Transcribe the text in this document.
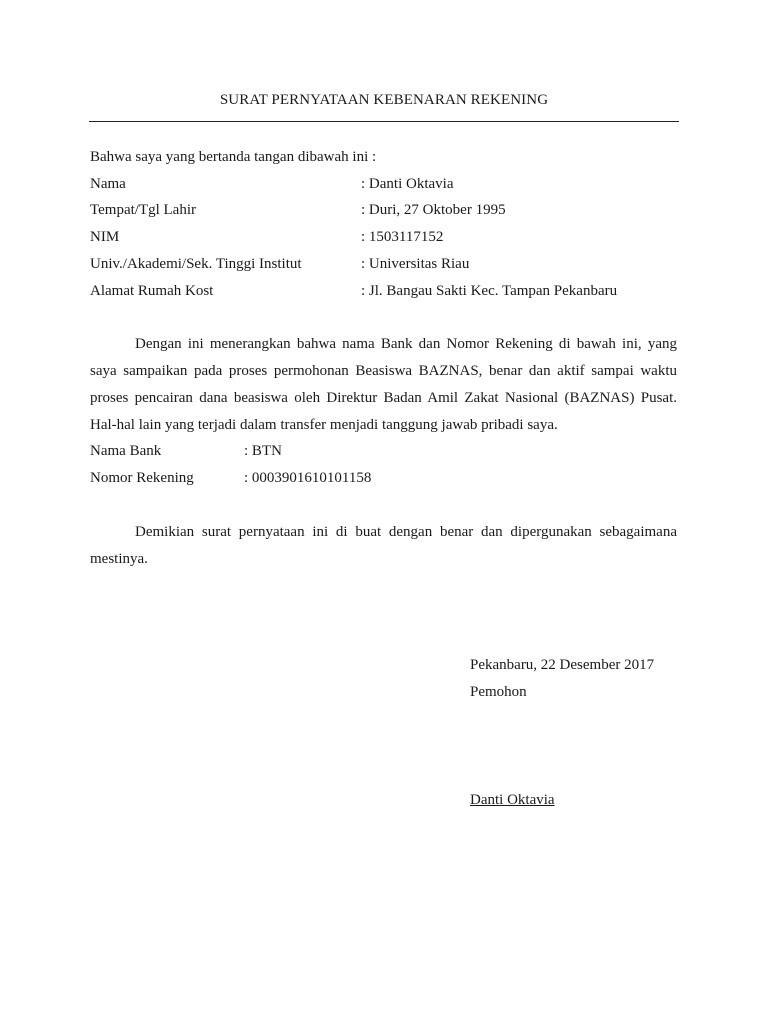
SURAT PERNYATAAN KEBENARAN REKENING
Bahwa saya yang bertanda tangan dibawah ini :
Nama	: Danti Oktavia
Tempat/Tgl Lahir	: Duri, 27 Oktober 1995
NIM	: 1503117152
Univ./Akademi/Sek. Tinggi Institut	: Universitas Riau
Alamat Rumah Kost	: Jl. Bangau Sakti Kec. Tampan Pekanbaru
Dengan ini menerangkan bahwa nama Bank dan Nomor Rekening di bawah ini, yang saya sampaikan pada proses permohonan Beasiswa BAZNAS, benar dan aktif sampai waktu proses pencairan dana beasiswa oleh Direktur Badan Amil Zakat Nasional (BAZNAS) Pusat. Hal-hal lain yang terjadi dalam transfer menjadi tanggung jawab pribadi saya.
Nama Bank	: BTN
Nomor Rekening	: 0003901610101158
Demikian surat pernyataan ini di buat dengan benar dan dipergunakan sebagaimana mestinya.
Pekanbaru, 22 Desember 2017
Pemohon
Danti Oktavia
